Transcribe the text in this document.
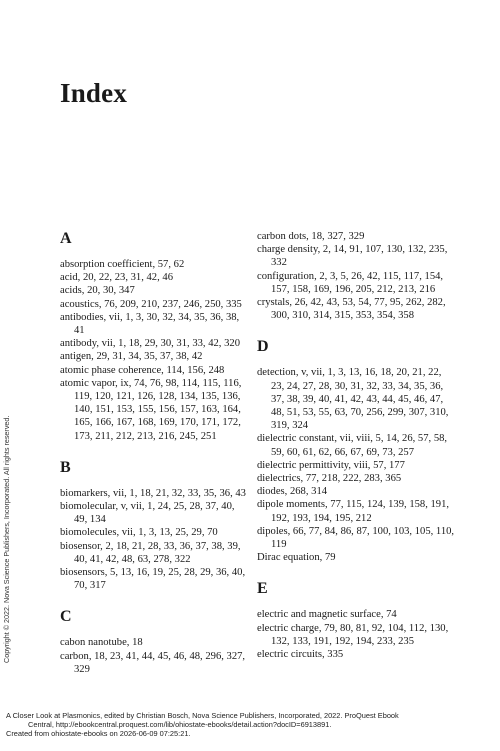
Index
A

absorption coefficient, 57, 62

acid, 20, 22, 23, 31, 42, 46

acids, 20, 30, 347

acoustics, 76, 209, 210, 237, 246, 250, 335

antibodies, vii, 1, 3, 30, 32, 34, 35, 36, 38, 41

antibody, vii, 1, 18, 29, 30, 31, 33, 42, 320

antigen, 29, 31, 34, 35, 37, 38, 42

atomic phase coherence, 114, 156, 248

atomic vapor, ix, 74, 76, 98, 114, 115, 116, 119, 120, 121, 126, 128, 134, 135, 136, 140, 151, 153, 155, 156, 157, 163, 164, 165, 166, 167, 168, 169, 170, 171, 172, 173, 211, 212, 213, 216, 245, 251

B

biomarkers, vii, 1, 18, 21, 32, 33, 35, 36, 43

biomolecular, v, vii, 1, 24, 25, 28, 37, 40, 49, 134

biomolecules, vii, 1, 3, 13, 25, 29, 70

biosensor, 2, 18, 21, 28, 33, 36, 37, 38, 39, 40, 41, 42, 48, 63, 278, 322

biosensors, 5, 13, 16, 19, 25, 28, 29, 36, 40, 70, 317

C

cabon nanotube, 18

carbon, 18, 23, 41, 44, 45, 46, 48, 296, 327, 329

carbon dots, 18, 327, 329

charge density, 2, 14, 91, 107, 130, 132, 235, 332

configuration, 2, 3, 5, 26, 42, 115, 117, 154, 157, 158, 169, 196, 205, 212, 213, 216

crystals, 26, 42, 43, 53, 54, 77, 95, 262, 282, 300, 310, 314, 315, 353, 354, 358

D

detection, v, vii, 1, 3, 13, 16, 18, 20, 21, 22, 23, 24, 27, 28, 30, 31, 32, 33, 34, 35, 36, 37, 38, 39, 40, 41, 42, 43, 44, 45, 46, 47, 48, 51, 53, 55, 63, 70, 256, 299, 307, 310, 319, 324

dielectric constant, vii, viii, 5, 14, 26, 57, 58, 59, 60, 61, 62, 66, 67, 69, 73, 257

dielectric permittivity, viii, 57, 177

dielectrics, 77, 218, 222, 283, 365

diodes, 268, 314

dipole moments, 77, 115, 124, 139, 158, 191, 192, 193, 194, 195, 212

dipoles, 66, 77, 84, 86, 87, 100, 103, 105, 110, 119

Dirac equation, 79

E

electric and magnetic surface, 74

electric charge, 79, 80, 81, 92, 104, 112, 130, 132, 133, 191, 192, 194, 233, 235

electric circuits, 335

Copyright © 2022. Nova Science Publishers, Incorporated. All rights reserved.
A Closer Look at Plasmonics, edited by Christian Bosch, Nova Science Publishers, Incorporated, 2022. ProQuest Ebook
Central, http://ebookcentral.proquest.com/lib/ohiostate-ebooks/detail.action?docID=6913891.
Created from ohiostate-ebooks on 2026-06-09 07:25:21.
